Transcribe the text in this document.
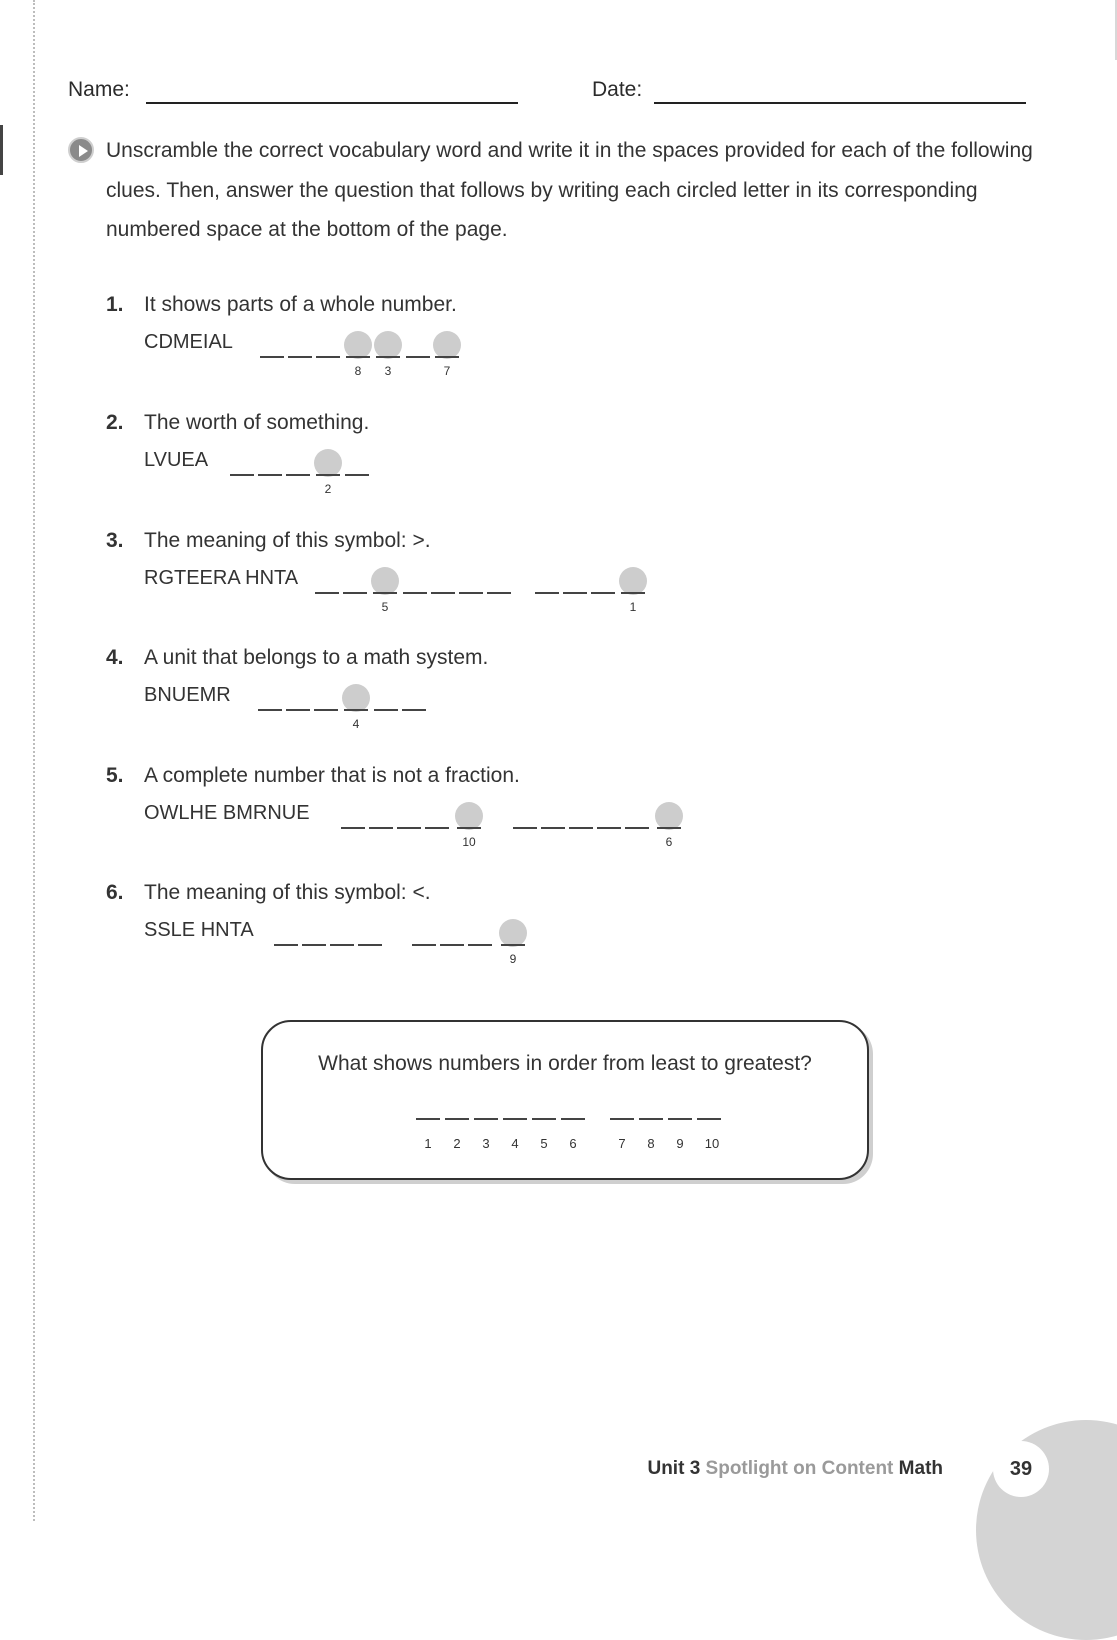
Name:	Date:
Unscramble the correct vocabulary word and write it in the spaces provided for each of the following clues. Then, answer the question that follows by writing each circled letter in its corresponding numbered space at the bottom of the page.
1. It shows parts of a whole number.
CDMEIAL
8	3	7
2. The worth of something.
LVUEA
2
3. The meaning of this symbol: >.
RGTEERA HNTA
5	1
4. A unit that belongs to a math system.
BNUEMR
4
5. A complete number that is not a fraction.
OWLHE BMRNUE
10	6
6. The meaning of this symbol: <.
SSLE HNTA
9
What shows numbers in order from least to greatest?
1	2	3	4	5	6	7	8	9	10
Unit 3 Spotlight on Content Math	39
